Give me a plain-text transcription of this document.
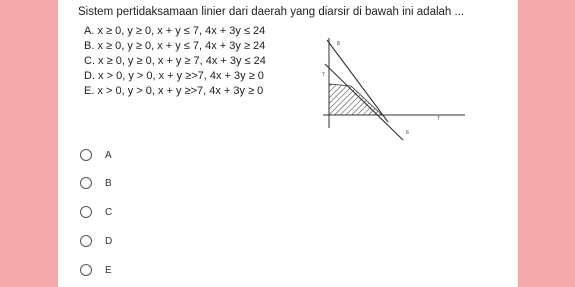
Sistem pertidaksamaan linier dari daerah yang diarsir di bawah ini adalah ...
A. x ≥ 0, y ≥ 0, x + y ≤ 7, 4x + 3y ≤ 24
B. x ≥ 0, y ≥ 0, x + y ≤ 7, 4x + 3y ≥ 24
C. x ≥ 0, y ≥ 0, x + y ≥ 7, 4x + 3y ≤ 24
D. x > 0, y > 0, x + y ≥>7, 4x + 3y ≥ 0
E. x > 0, y > 0, x + y ≥>7, 4x + 3y ≥ 0
8
7
6
7
A
B
C
D
E
